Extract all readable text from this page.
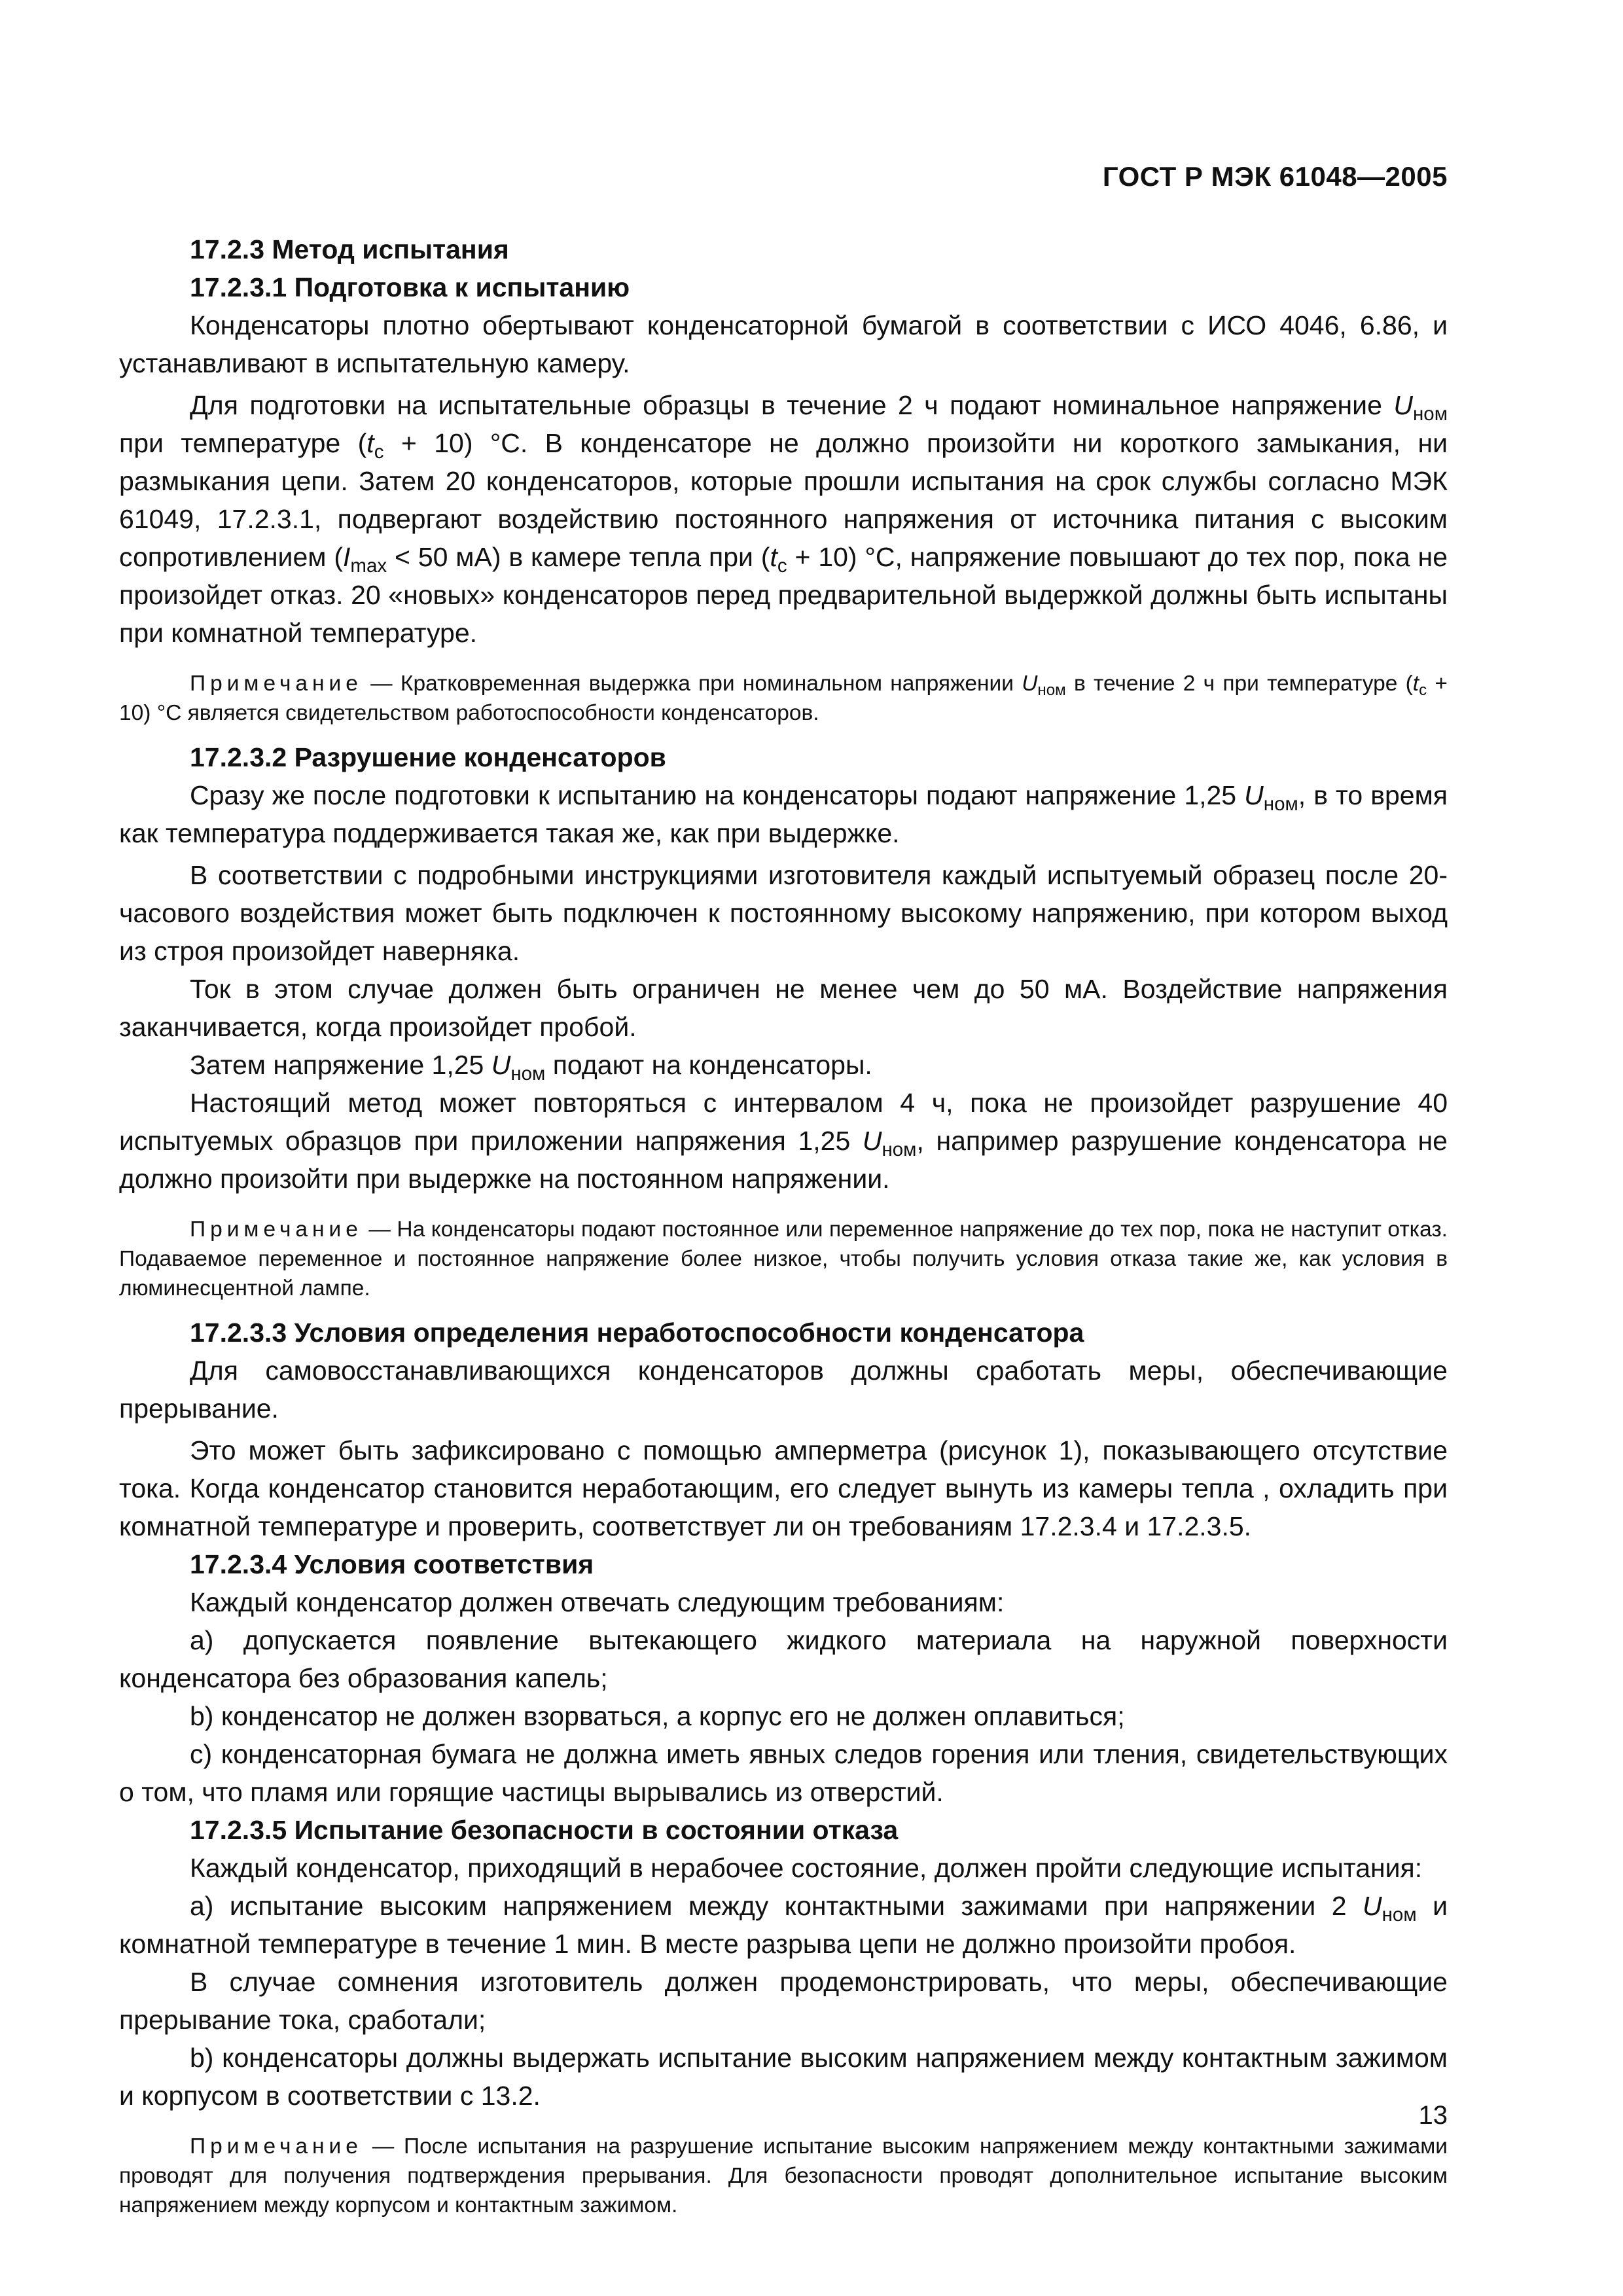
ГОСТ Р МЭК 61048—2005
17.2.3 Метод испытания
17.2.3.1 Подготовка к испытанию

Конденсаторы плотно обертывают конденсаторной бумагой в соответствии с ИСО 4046, 6.86, и устанавливают в испытательную камеру.

Для подготовки на испытательные образцы в течение 2 ч подают номинальное напряжение $U_{ном}$ при температуре $(t_c + 10)$ °С. В конденсаторе не должно произойти ни короткого замыкания, ни размыкания цепи. Затем 20 конденсаторов, которые прошли испытания на срок службы согласно МЭК 61049, 17.2.3.1, подвергают воздействию постоянного напряжения от источника питания с высоким сопротивлением ($I_{max} < 50$ мА) в камере тепла при $(t_c + 10)$ °С, напряжение повышают до тех пор, пока не произойдет отказ. 20 «новых» конденсаторов перед предварительной выдержкой должны быть испытаны при комнатной температуре.

Примечание — Кратковременная выдержка при номинальном напряжении $U_{ном}$ в течение 2 ч при температуре $(t_c + 10)$ °С является свидетельством работоспособности конденсаторов.

17.2.3.2 Разрушение конденсаторов

Сразу же после подготовки к испытанию на конденсаторы подают напряжение 1,25 $U_{ном}$, в то время как температура поддерживается такая же, как при выдержке.

В соответствии с подробными инструкциями изготовителя каждый испытуемый образец после 20-часового воздействия может быть подключен к постоянному высокому напряжению, при котором выход из строя произойдет наверняка.

Ток в этом случае должен быть ограничен не менее чем до 50 мА. Воздействие напряжения заканчивается, когда произойдет пробой.

Затем напряжение 1,25 $U_{ном}$ подают на конденсаторы.

Настоящий метод может повторяться с интервалом 4 ч, пока не произойдет разрушение 40 испытуемых образцов при приложении напряжения 1,25 $U_{ном}$, например разрушение конденсатора не должно произойти при выдержке на постоянном напряжении.

Примечание — На конденсаторы подают постоянное или переменное напряжение до тех пор, пока не наступит отказ. Подаваемое переменное и постоянное напряжение более низкое, чтобы получить условия отказа такие же, как условия в люминесцентной лампе.

17.2.3.3 Условия определения неработоспособности конденсатора

Для самовосстанавливающихся конденсаторов должны сработать меры, обеспечивающие прерывание.

Это может быть зафиксировано с помощью амперметра (рисунок 1), показывающего отсутствие тока. Когда конденсатор становится неработающим, его следует вынуть из камеры тепла , охладить при комнатной температуре и проверить, соответствует ли он требованиям 17.2.3.4 и 17.2.3.5.

17.2.3.4 Условия соответствия

Каждый конденсатор должен отвечать следующим требованиям:

a) допускается появление вытекающего жидкого материала на наружной поверхности конденсатора без образования капель;

b) конденсатор не должен взорваться, а корпус его не должен оплавиться;

c) конденсаторная бумага не должна иметь явных следов горения или тления, свидетельствующих о том, что пламя или горящие частицы вырывались из отверстий.

17.2.3.5 Испытание безопасности в состоянии отказа

Каждый конденсатор, приходящий в нерабочее состояние, должен пройти следующие испытания:

a) испытание высоким напряжением между контактными зажимами при напряжении 2 $U_{ном}$ и комнатной температуре в течение 1 мин. В месте разрыва цепи не должно произойти пробоя.

В случае сомнения изготовитель должен продемонстрировать, что меры, обеспечивающие прерывание тока, сработали;

b) конденсаторы должны выдержать испытание высоким напряжением между контактным зажимом и корпусом в соответствии с 13.2.

Примечание — После испытания на разрушение испытание высоким напряжением между контактными зажимами проводят для получения подтверждения прерывания. Для безопасности проводят дополнительное испытание высоким напряжением между корпусом и контактным зажимом.

13
